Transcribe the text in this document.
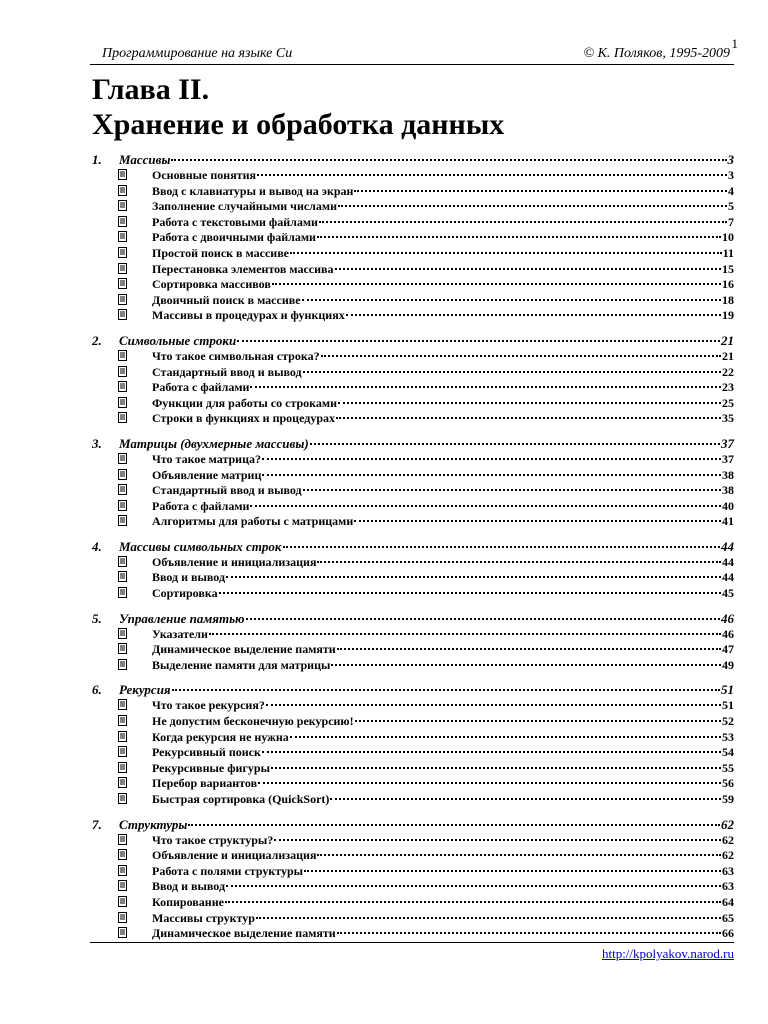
1
Программирование на языке Си	© К. Поляков, 1995-2009
Глава II.
Хранение и обработка данных
1.	Массивы	3
Основные понятия	3
Ввод с клавиатуры и вывод на экран	4
Заполнение случайными числами	5
Работа с текстовыми файлами	7
Работа с двоичными файлами	10
Простой поиск в массиве	11
Перестановка элементов массива	15
Сортировка массивов	16
Двоичный поиск в массиве	18
Массивы в процедурах и функциях	19
2.	Символьные строки	21
Что такое символьная строка?	21
Стандартный ввод и вывод	22
Работа с файлами	23
Функции для работы со строками	25
Строки в функциях и процедурах	35
3.	Матрицы (двухмерные массивы)	37
Что такое матрица?	37
Объявление матриц	38
Стандартный ввод и вывод	38
Работа с файлами	40
Алгоритмы для работы с матрицами	41
4.	Массивы символьных строк	44
Объявление и инициализация	44
Ввод и вывод	44
Сортировка	45
5.	Управление памятью	46
Указатели	46
Динамическое выделение памяти	47
Выделение памяти для матрицы	49
6.	Рекурсия	51
Что такое рекурсия?	51
Не допустим бесконечную рекурсию!	52
Когда рекурсия не нужна	53
Рекурсивный поиск	54
Рекурсивные фигуры	55
Перебор вариантов	56
Быстрая сортировка (QuickSort)	59
7.	Структуры	62
Что такое структуры?	62
Объявление и инициализация	62
Работа с полями структуры	63
Ввод и вывод	63
Копирование	64
Массивы структур	65
Динамическое выделение памяти	66
http://kpolyakov.narod.ru
